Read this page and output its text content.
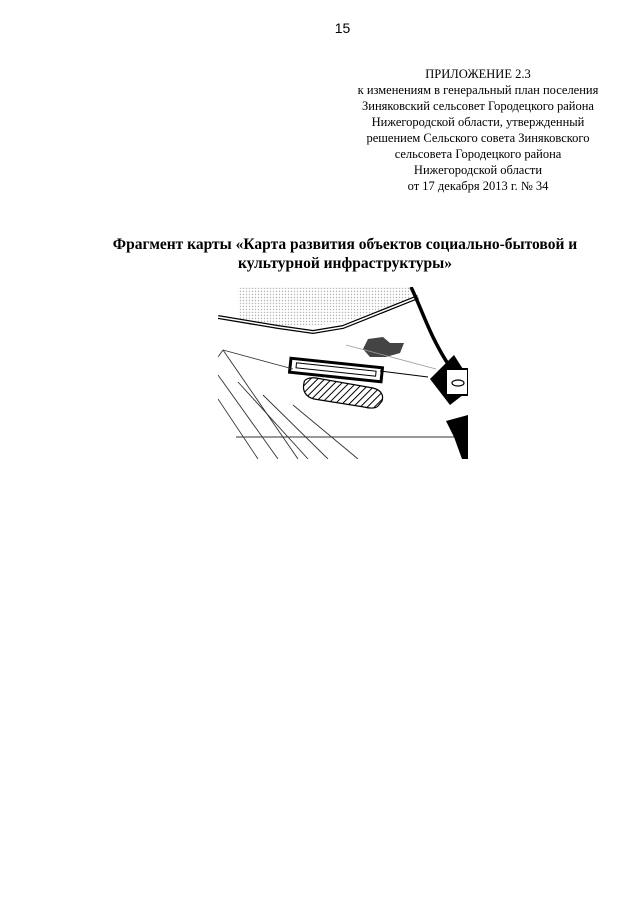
15
ПРИЛОЖЕНИЕ 2.3
к изменениям в генеральный план поселения
Зиняковский сельсовет Городецкого района
Нижегородской области, утвержденный
решением Сельского совета Зиняковского
сельсовета Городецкого района
Нижегородской области
от 17 декабря 2013 г. № 34
Фрагмент карты «Карта развития объектов социально-бытовой и
культурной инфраструктуры»
